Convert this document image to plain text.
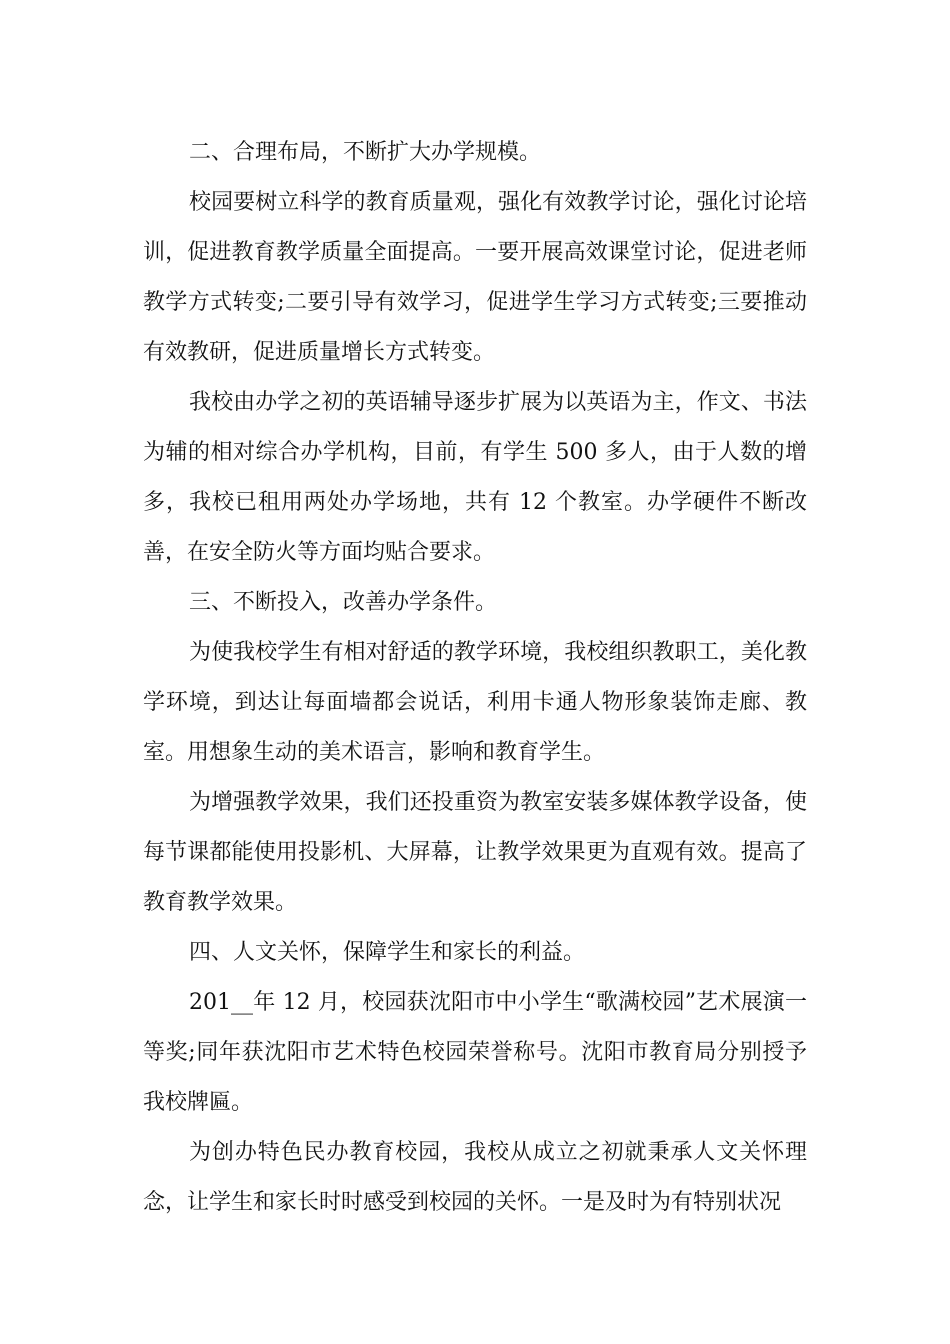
二、合理布局，不断扩大办学规模。

校园要树立科学的教育质量观，强化有效教学讨论，强化讨论培训，促进教育教学质量全面提高。一要开展高效课堂讨论，促进老师教学方式转变;二要引导有效学习，促进学生学习方式转变;三要推动有效教研，促进质量增长方式转变。

我校由办学之初的英语辅导逐步扩展为以英语为主，作文、书法为辅的相对综合办学机构，目前，有学生 500 多人，由于人数的增多，我校已租用两处办学场地，共有 12 个教室。办学硬件不断改善，在安全防火等方面均贴合要求。

三、不断投入，改善办学条件。

为使我校学生有相对舒适的教学环境，我校组织教职工，美化教学环境，到达让每面墙都会说话，利用卡通人物形象装饰走廊、教室。用想象生动的美术语言，影响和教育学生。

为增强教学效果，我们还投重资为教室安装多媒体教学设备，使每节课都能使用投影机、大屏幕，让教学效果更为直观有效。提高了教育教学效果。

四、人文关怀，保障学生和家长的利益。

201__年 12 月，校园获沈阳市中小学生“歌满校园”艺术展演一等奖;同年获沈阳市艺术特色校园荣誉称号。沈阳市教育局分别授予我校牌匾。

为创办特色民办教育校园，我校从成立之初就秉承人文关怀理念，让学生和家长时时感受到校园的关怀。一是及时为有特别状况
